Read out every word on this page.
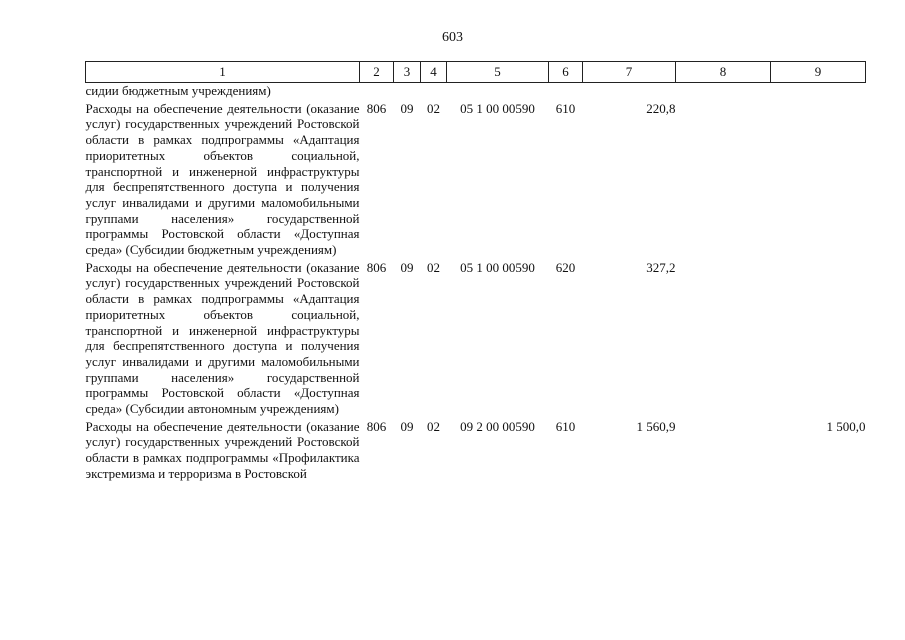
603
1	2	3	4	5	6	7	8	9
сидии бюджетным учреждениям)								
Расходы на обеспечение деятельности (оказание услуг) государственных учреждений Ростовской области в рамках подпрограммы «Адаптация приоритетных объектов социальной, транспортной и инженерной инфраструктуры для беспрепятственного доступа и получения услуг инвалидами и другими маломобильными группами населения» государственной программы Ростовской области «Доступная среда» (Субсидии бюджетным учреждениям)	806	09	02	05 1 00 00590	610	220,8		
Расходы на обеспечение деятельности (оказание услуг) государственных учреждений Ростовской области в рамках подпрограммы «Адаптация приоритетных объектов социальной, транспортной и инженерной инфраструктуры для беспрепятственного доступа и получения услуг инвалидами и другими маломобильными группами населения» государственной программы Ростовской области «Доступная среда» (Субсидии автономным учреждениям)	806	09	02	05 1 00 00590	620	327,2		
Расходы на обеспечение деятельности (оказание услуг) государственных учреждений Ростовской области в рамках подпрограммы «Профилактика экстремизма и терроризма в Ростовской	806	09	02	09 2 00 00590	610	1 560,9		1 500,0
